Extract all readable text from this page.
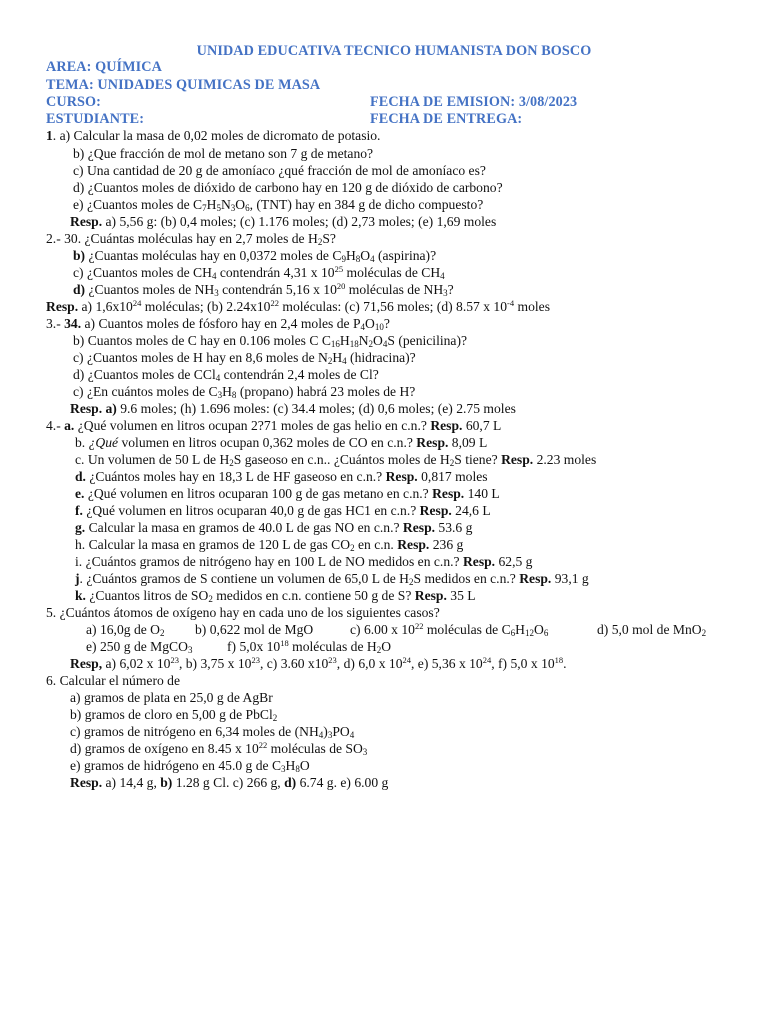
UNIDAD EDUCATIVA TECNICO HUMANISTA DON BOSCO
AREA: QUÍMICA
TEMA: UNIDADES QUIMICAS DE MASA
CURSO:	FECHA DE EMISION: 3/08/2023
ESTUDIANTE:	FECHA DE ENTREGA:
1. a) Calcular la masa de 0,02 moles de dicromato de potasio.
b) ¿Que fracción de mol de metano son 7 g de metano?
c) Una cantidad de 20 g de amoníaco ¿qué fracción de mol de amoníaco es?
d) ¿Cuantos moles de dióxido de carbono hay en 120 g de dióxido de carbono?
e) ¿Cuantos moles de $C_7H_5N_3O_6$, (TNT) hay en 384 g de dicho compuesto?
Resp. a) 5,56 g: (b) 0,4 moles; (c) 1.176 moles; (d) 2,73 moles; (e) 1,69 moles
2.- 30. ¿Cuántas moléculas hay en 2,7 moles de $H_2S$?
b) ¿Cuantas moléculas hay en 0,0372 moles de $C_9H_8O_4$ (aspirina)?
c) ¿Cuantos moles de $CH_4$ contendrán 4,31 x $10^{25}$ moléculas de $CH_4$
d) ¿Cuantos moles de $NH_3$ contendrán 5,16 x $10^{20}$ moléculas de $NH_3$?
Resp. a) $1,6x10^{24}$ moléculas; (b) $2.24x10^{22}$ moléculas: (c) 71,56 moles; (d) 8.57 x $10^{-4}$ moles
3.- 34. a) Cuantos moles de fósforo hay en 2,4 moles de $P_4O_{10}$?
b) Cuantos moles de C hay en 0.106 moles C $C_{16}H_{18}N_2O_4S$ (penicilina)?
c) ¿Cuantos moles de H hay en 8,6 moles de $N_2H_4$ (hidracina)?
d) ¿Cuantos moles de CCl$_4$ contendrán 2,4 moles de Cl?
c) ¿En cuántos moles de $C_3H_8$ (propano) habrá 23 moles de H?
Resp. a) 9.6 moles; (h) 1.696 moles: (c) 34.4 moles; (d) 0,6 moles; (e) 2.75 moles
4.- a. ¿Qué volumen en litros ocupan 2?71 moles de gas helio en c.n.? Resp. 60,7 L
b. ¿Qué volumen en litros ocupan 0,362 moles de CO en c.n.? Resp. 8,09 L
c. Un volumen de 50 L de $H_2S$ gaseoso en c.n.. ¿Cuántos moles de $H_2S$ tiene? Resp. 2.23 moles
d. ¿Cuántos moles hay en 18,3 L de HF gaseoso en c.n.? Resp. 0,817 moles
e. ¿Qué volumen en litros ocuparan 100 g de gas metano en c.n.? Resp. 140 L
f. ¿Qué volumen en litros ocuparan 40,0 g de gas HC1 en c.n.? Resp. 24,6 L
g. Calcular la masa en gramos de 40.0 L de gas NO en c.n.? Resp. 53.6 g
h. Calcular la masa en gramos de 120 L de gas $CO_2$ en c.n. Resp. 236 g
i. ¿Cuántos gramos de nitrógeno hay en 100 L de NO medidos en c.n.? Resp. 62,5 g
j. ¿Cuántos gramos de S contiene un volumen de 65,0 L de $H_2S$ medidos en c.n.? Resp. 93,1 g
k. ¿Cuantos litros de $SO_2$ medidos en c.n. contiene 50 g de S? Resp. 35 L
5. ¿Cuántos átomos de oxígeno hay en cada uno de los siguientes casos?
a) 16,0g de $O_2$ b) 0,622 mol de MgO	c) 6.00 x $10^{22}$ moléculas de $C_6H_{12}O_6$	d) 5,0 mol de MnO$_2$
e) 250 g de MgCO$_3$	f) 5,0x $10^{18}$ moléculas de $H_2O$
Resp, a) 6,02 x $10^{23}$, b) 3,75 x $10^{23}$, c) 3.60 $x10^{23}$, d) 6,0 x $10^{24}$, e) 5,36 x $10^{24}$, f) 5,0 x $10^{18}$.
6. Calcular el número de
a) gramos de plata en 25,0 g de AgBr
b) gramos de cloro en 5,00 g de PbCl$_2$
c) gramos de nitrógeno en 6,34 moles de $(NH_4)_3PO_4$
d) gramos de oxígeno en 8.45 x $10^{22}$ moléculas de $SO_3$
e) gramos de hidrógeno en 45.0 g de $C_3H_8O$
Resp. a) 14,4 g, b) 1.28 g Cl. c) 266 g, d) 6.74 g. e) 6.00 g
